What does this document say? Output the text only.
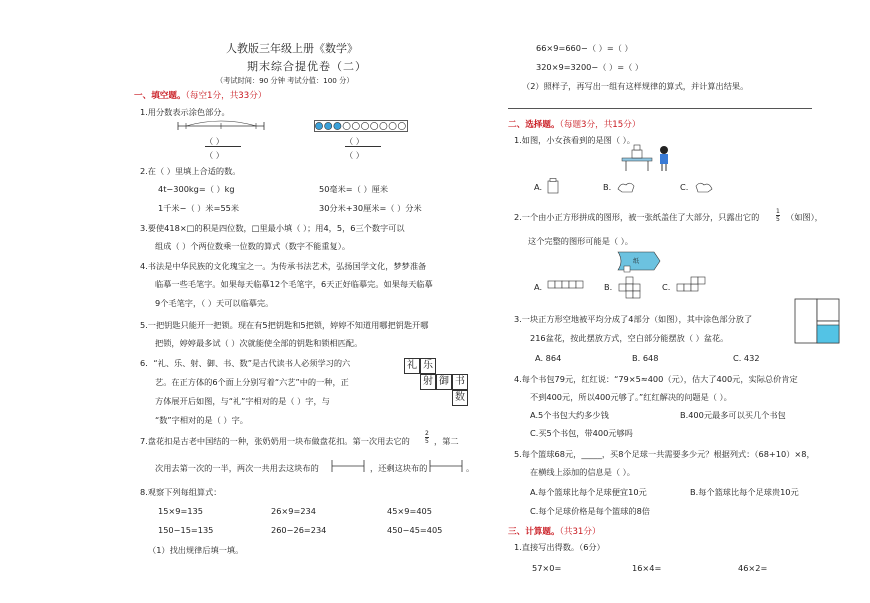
人教版三年级上册《数学》
期末综合提优卷（二）
（考试时间：90 分钟 考试分值：100 分）
一、填空题。（每空1分，共33分）
1.用分数表示涂色部分。
（ ）
（ ）
（ ）
（ ）
2.在（ ）里填上合适的数。
4t−300kg=（ ）kg	50毫米=（ ）厘米
1千米−（ ）米=55米	30分米+30厘米=（ ）分米
3.要使418×□的积是四位数，□里最小填（ ）；用4，5，6三个数字可以
组成（ ）个两位数乘一位数的算式（数字不能重复）。
4.书法是中华民族的文化瑰宝之一。为传承书法艺术，弘扬国学文化，梦梦准备
临摹一些毛笔字。如果每天临摹12个毛笔字，6天正好临摹完。如果每天临摹
9个毛笔字，（ ）天可以临摹完。
5.一把钥匙只能开一把锁。现在有5把钥匙和5把锁，婷婷不知道用哪把钥匙开哪
把锁，婷婷最多试（ ）次就能使全部的钥匙和锁相匹配。
6．“礼、乐、射、御、书、数”是古代读书人必须学习的六
艺。在正方体的6个面上分别写着“六艺”中的一种，正
方体展开后如图，与“礼”字相对的是（ ）字，与
“数”字相对的是（ ）字。
礼 乐
射 御 书
数
7.盘花扣是古老中国结的一种，张奶奶用一块布做盘花扣。第一次用去它的	$\frac{2}{5}$ ，第二
次用去第一次的一半，两次一共用去这块布的	，还剩这块布的	。
8.观察下列每组算式：
15×9=135	26×9=234	45×9=405
150−15=135	260−26=234	450−45=405
（1）找出规律后填一填。
66×9=660−（ ）=（ ）
320×9=3200−（ ）=（ ）
（2）照样子，再写出一组有这样规律的算式，并计算出结果。
二、选择题。（每题3分，共15分）
1.如图，小女孩看到的是图（ ）。
A.	B.	C.
2.一个由小正方形拼成的图形，被一张纸盖住了大部分，只露出它的	$\frac{1}{5}$ （如图），
这个完整的图形可能是（ ）。
纸
A.	B.	C.
3.一块正方形空地被平均分成了4部分（如图），其中涂色部分放了
216盆花，按此摆放方式，空白部分能摆放（ ）盆花。
A. 864	B. 648	C. 432
4.每个书包79元，红红说：“79×5≈400（元），估大了400元，实际总价肯定
不到400元，所以400元够了。”红红解决的问题是（ ）。
A.5个书包大约多少钱	B.400元最多可以买几个书包
C.买5个书包，带400元够吗
5.每个篮球68元，_____，买8个足球一共需要多少元？根据列式：（68+10）×8，
在横线上添加的信息是（ ）。
A.每个篮球比每个足球便宜10元	B.每个篮球比每个足球贵10元
C.每个足球价格是每个篮球的8倍
三、计算题。（共31分）
1.直接写出得数。（6分）
57×0=	16×4=	46×2=
